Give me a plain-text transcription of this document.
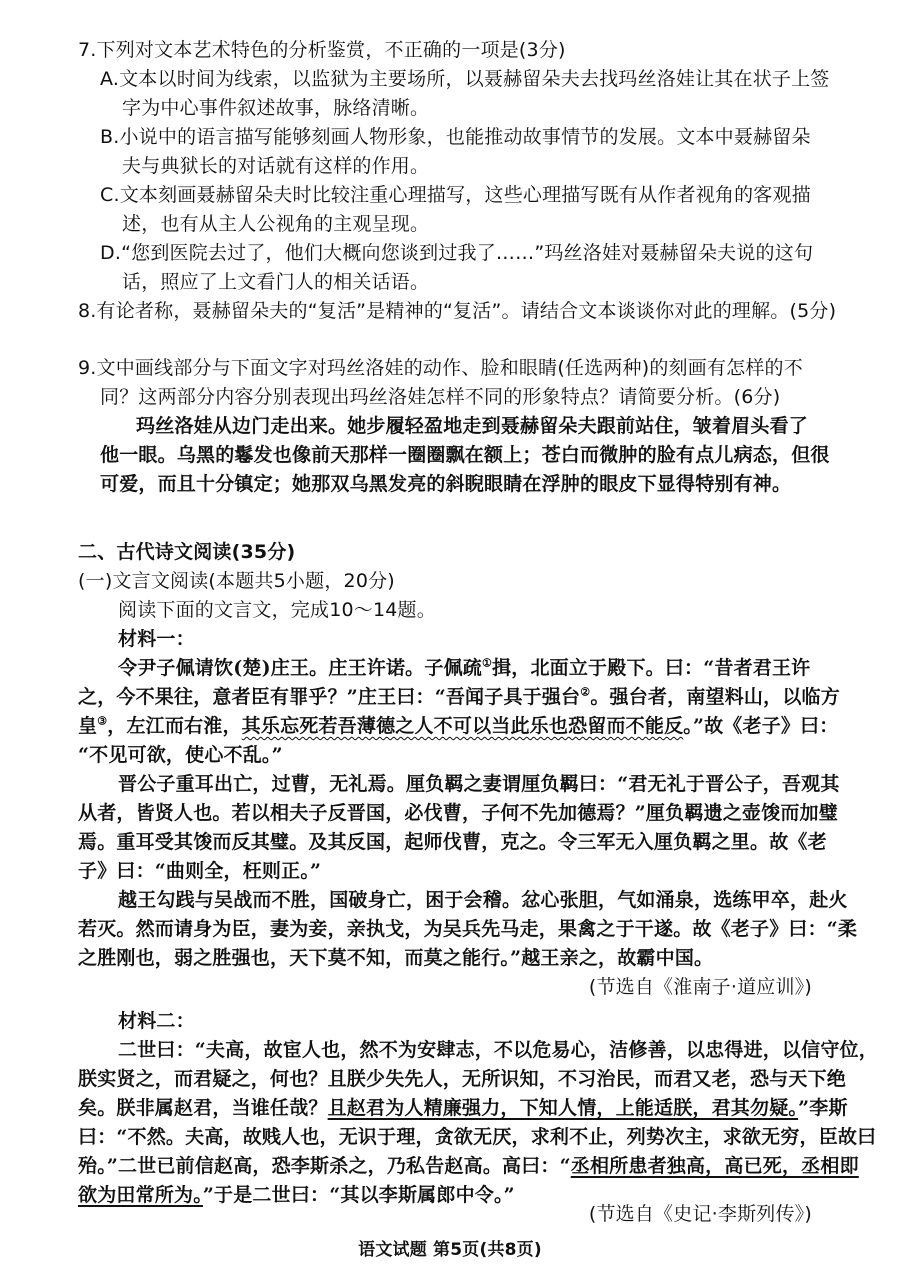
7.下列对文本艺术特色的分析鉴赏，不正确的一项是(3分)
A.文本以时间为线索，以监狱为主要场所，以聂赫留朵夫去找玛丝洛娃让其在状子上签
字为中心事件叙述故事，脉络清晰。
B.小说中的语言描写能够刻画人物形象，也能推动故事情节的发展。文本中聂赫留朵
夫与典狱长的对话就有这样的作用。
C.文本刻画聂赫留朵夫时比较注重心理描写，这些心理描写既有从作者视角的客观描
述，也有从主人公视角的主观呈现。
D.“您到医院去过了，他们大概向您谈到过我了……”玛丝洛娃对聂赫留朵夫说的这句
话，照应了上文看门人的相关话语。
8.有论者称，聂赫留朵夫的“复活”是精神的“复活”。请结合文本谈谈你对此的理解。(5分)
9.文中画线部分与下面文字对玛丝洛娃的动作、脸和眼睛(任选两种)的刻画有怎样的不
同？这两部分内容分别表现出玛丝洛娃怎样不同的形象特点？请简要分析。(6分)
玛丝洛娃从边门走出来。她步履轻盈地走到聂赫留朵夫跟前站住，皱着眉头看了
他一眼。乌黑的鬈发也像前天那样一圈圈飘在额上；苍白而微肿的脸有点儿病态，但很
可爱，而且十分镇定；她那双乌黑发亮的斜睨眼睛在浮肿的眼皮下显得特别有神。
二、古代诗文阅读(35分)
(一)文言文阅读(本题共5小题，20分)
阅读下面的文言文，完成10～14题。
材料一：
令尹子佩请饮(楚)庄王。庄王许诺。子佩疏①揖，北面立于殿下。曰：“昔者君王许
之，今不果往，意者臣有罪乎？”庄王曰：“吾闻子具于强台②。强台者，南望料山，以临方
皇③，左江而右淮，其乐忘死若吾薄德之人不可以当此乐也恐留而不能反。”故《老子》曰：
“不见可欲，使心不乱。”
晋公子重耳出亡，过曹，无礼焉。厘负羁之妻谓厘负羁曰：“君无礼于晋公子，吾观其
从者，皆贤人也。若以相夫子反晋国，必伐曹，子何不先加德焉？”厘负羁遗之壶馂而加璧
焉。重耳受其馂而反其璧。及其反国，起师伐曹，克之。令三军无入厘负羁之里。故《老
子》曰：“曲则全，枉则正。”
越王勾践与吴战而不胜，国破身亡，困于会稽。忿心张胆，气如涌泉，选练甲卒，赴火
若灭。然而请身为臣，妻为妾，亲执戈，为吴兵先马走，果禽之于干遂。故《老子》曰：“柔
之胜刚也，弱之胜强也，天下莫不知，而莫之能行。”越王亲之，故霸中国。
(节选自《淮南子·道应训》)
材料二：
二世曰：“夫高，故宦人也，然不为安肆志，不以危易心，洁修善，以忠得进，以信守位，
朕实贤之，而君疑之，何也？且朕少失先人，无所识知，不习治民，而君又老，恐与天下绝
矣。朕非属赵君，当谁任哉？且赵君为人精廉强力，下知人情，上能适朕，君其勿疑。”李斯
曰：“不然。夫高，故贱人也，无识于理，贪欲无厌，求利不止，列势次主，求欲无穷，臣故曰
殆。”二世已前信赵高，恐李斯杀之，乃私告赵高。高曰：“丞相所患者独高，高已死，丞相即
欲为田常所为。”于是二世曰：“其以李斯属郎中令。”
(节选自《史记·李斯列传》)
语文试题 第5页(共8页)
